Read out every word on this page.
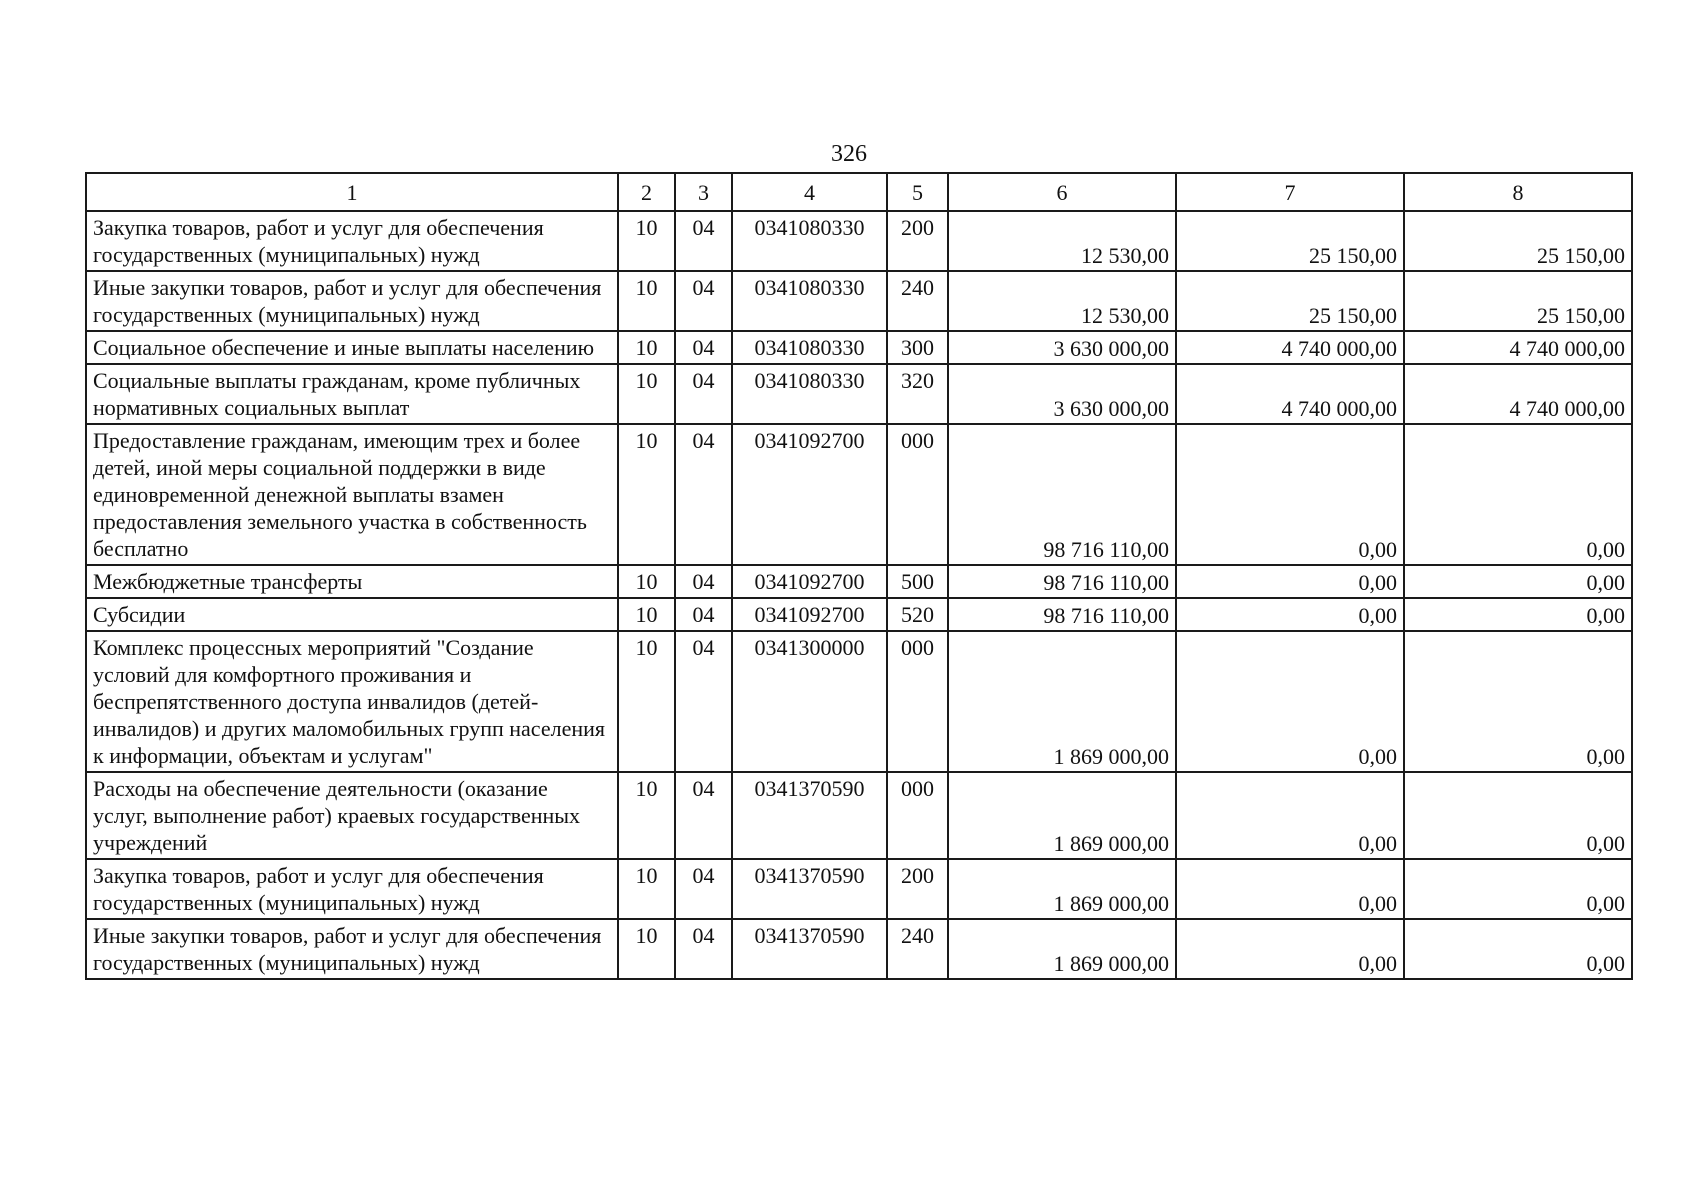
326
1	2	3	4	5	6	7	8
Закупка товаров, работ и услуг для обеспечения государственных (муниципальных) нужд	10	04	0341080330	200	12 530,00	25 150,00	25 150,00
Иные закупки товаров, работ и услуг для обеспечения государственных (муниципальных) нужд	10	04	0341080330	240	12 530,00	25 150,00	25 150,00
Социальное обеспечение и иные выплаты населению	10	04	0341080330	300	3 630 000,00	4 740 000,00	4 740 000,00
Социальные выплаты гражданам, кроме публичных нормативных социальных выплат	10	04	0341080330	320	3 630 000,00	4 740 000,00	4 740 000,00
Предоставление гражданам, имеющим трех и более детей, иной меры социальной поддержки в виде единовременной денежной выплаты взамен предоставления земельного участка в собственность бесплатно	10	04	0341092700	000	98 716 110,00	0,00	0,00
Межбюджетные трансферты	10	04	0341092700	500	98 716 110,00	0,00	0,00
Субсидии	10	04	0341092700	520	98 716 110,00	0,00	0,00
Комплекс процессных мероприятий "Создание условий для комфортного проживания и беспрепятственного доступа инвалидов (детей-инвалидов) и других маломобильных групп населения к информации, объектам и услугам"	10	04	0341300000	000	1 869 000,00	0,00	0,00
Расходы на обеспечение деятельности (оказание услуг, выполнение работ) краевых государственных учреждений	10	04	0341370590	000	1 869 000,00	0,00	0,00
Закупка товаров, работ и услуг для обеспечения государственных (муниципальных) нужд	10	04	0341370590	200	1 869 000,00	0,00	0,00
Иные закупки товаров, работ и услуг для обеспечения государственных (муниципальных) нужд	10	04	0341370590	240	1 869 000,00	0,00	0,00
